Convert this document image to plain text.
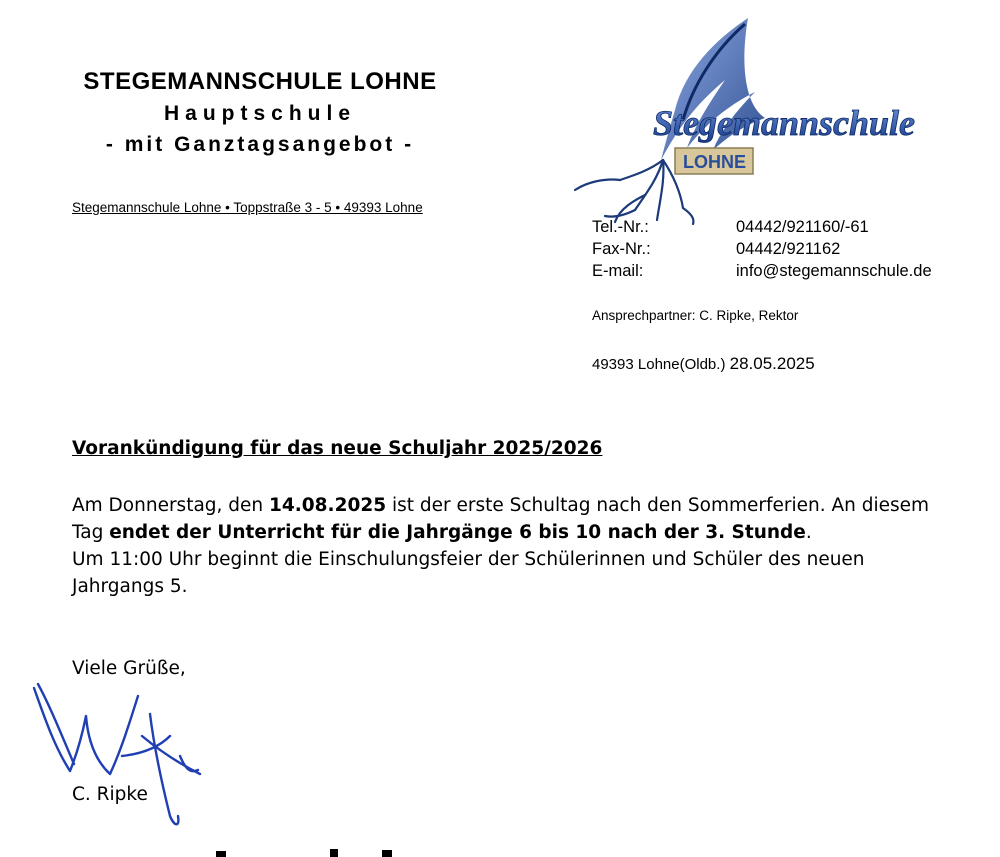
STEGEMANNSCHULE LOHNE
Hauptschule
- mit Ganztagsangebot -
Stegemannschule Lohne • Toppstraße 3 - 5 • 49393 Lohne
LOHNE
Stegemannschule
Tel.-Nr.:	04442/921160/-61
Fax-Nr.:	04442/921162
E-mail:	info@stegemannschule.de
Ansprechpartner: C. Ripke, Rektor
49393 Lohne(Oldb.) 28.05.2025
Vorankündigung für das neue Schuljahr 2025/2026
Am Donnerstag, den 14.08.2025 ist der erste Schultag nach den Sommerferien. An diesem Tag endet der Unterricht für die Jahrgänge 6 bis 10 nach der 3. Stunde.
Um 11:00 Uhr beginnt die Einschulungsfeier der Schülerinnen und Schüler des neuen Jahrgangs 5.
Viele Grüße,
C. Ripke
